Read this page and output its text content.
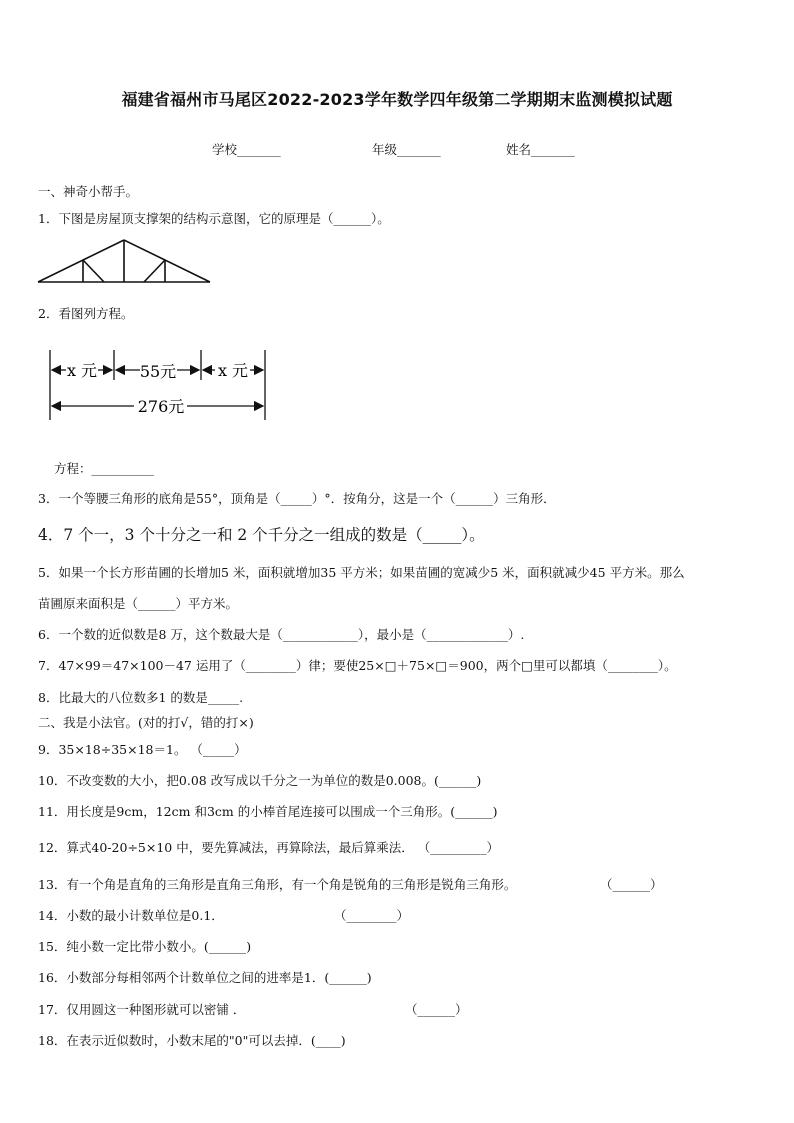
福建省福州市马尾区2022-2023学年数学四年级第二学期期末监测模拟试题
学校_______	年级_______	姓名_______
一、神奇小帮手。
1．下图是房屋顶支撑架的结构示意图，它的原理是（______）。
2．看图列方程。
x 元	55元	x 元
276元
方程：__________
3．一个等腰三角形的底角是55°，顶角是（_____）°．按角分，这是一个（______）三角形．
4．7 个一，3 个十分之一和 2 个千分之一组成的数是（_____）。
5．如果一个长方形苗圃的长增加5 米，面积就增加35 平方米；如果苗圃的宽减少5 米，面积就减少45 平方米。那么
苗圃原来面积是（______）平方米。
6．一个数的近似数是8 万，这个数最大是（____________），最小是（_____________）.
7．47×99＝47×100－47 运用了（________）律；要使25×□＋75×□＝900，两个□里可以都填（________）。
8．比最大的八位数多1 的数是_____.
二、我是小法官。(对的打√，错的打×)
9．35×18÷35×18＝1。 （_____）
10．不改变数的大小，把0.08 改写成以千分之一为单位的数是0.008。(______)
11．用长度是9cm，12cm 和3cm 的小棒首尾连接可以围成一个三角形。(______)
12．算式40-20÷5×10 中，要先算减法，再算除法，最后算乘法． （_________）
13．有一个角是直角的三角形是直角三角形，有一个角是锐角的三角形是锐角三角形。	（______）
14．小数的最小计数单位是0.1．	（________）
15．纯小数一定比带小数小。(______)
16．小数部分每相邻两个计数单位之间的进率是1．(______)
17．仅用圆这一种图形就可以密铺 ．	（______）
18．在表示近似数时，小数末尾的"0"可以去掉．(____)
